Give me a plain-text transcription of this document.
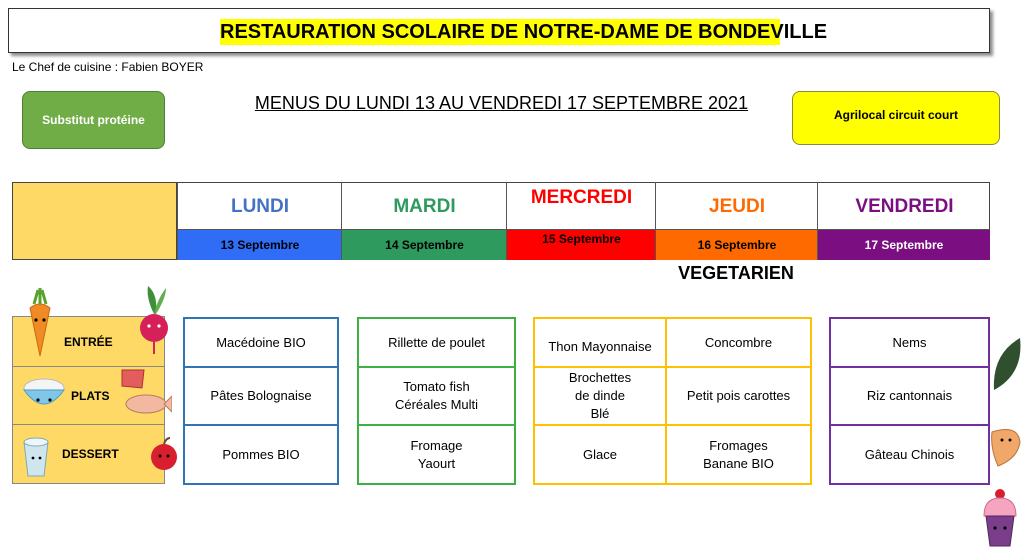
RESTAURATION SCOLAIRE DE NOTRE-DAME DE BONDEVILLE
Le Chef de cuisine : Fabien BOYER
Substitut protéine
MENUS DU LUNDI 13 AU VENDREDI 17 SEPTEMBRE 2021
Agrilocal circuit court
LUNDI
13 Septembre
MARDI
14 Septembre
MERCREDI
15 Septembre
JEUDI
16 Septembre
VENDREDI
17 Septembre
VEGETARIEN
ENTRÉE
PLATS
DESSERT
Macédoine BIO
Pâtes Bolognaise
Pommes BIO
Rillette de poulet
Tomato fish
Céréales Multi
Fromage
Yaourt
Thon Mayonnaise
Brochettes
de dinde
Blé
Glace
Concombre
Petit pois carottes
Fromages
Banane BIO
Nems
Riz cantonnais
Gâteau Chinois
